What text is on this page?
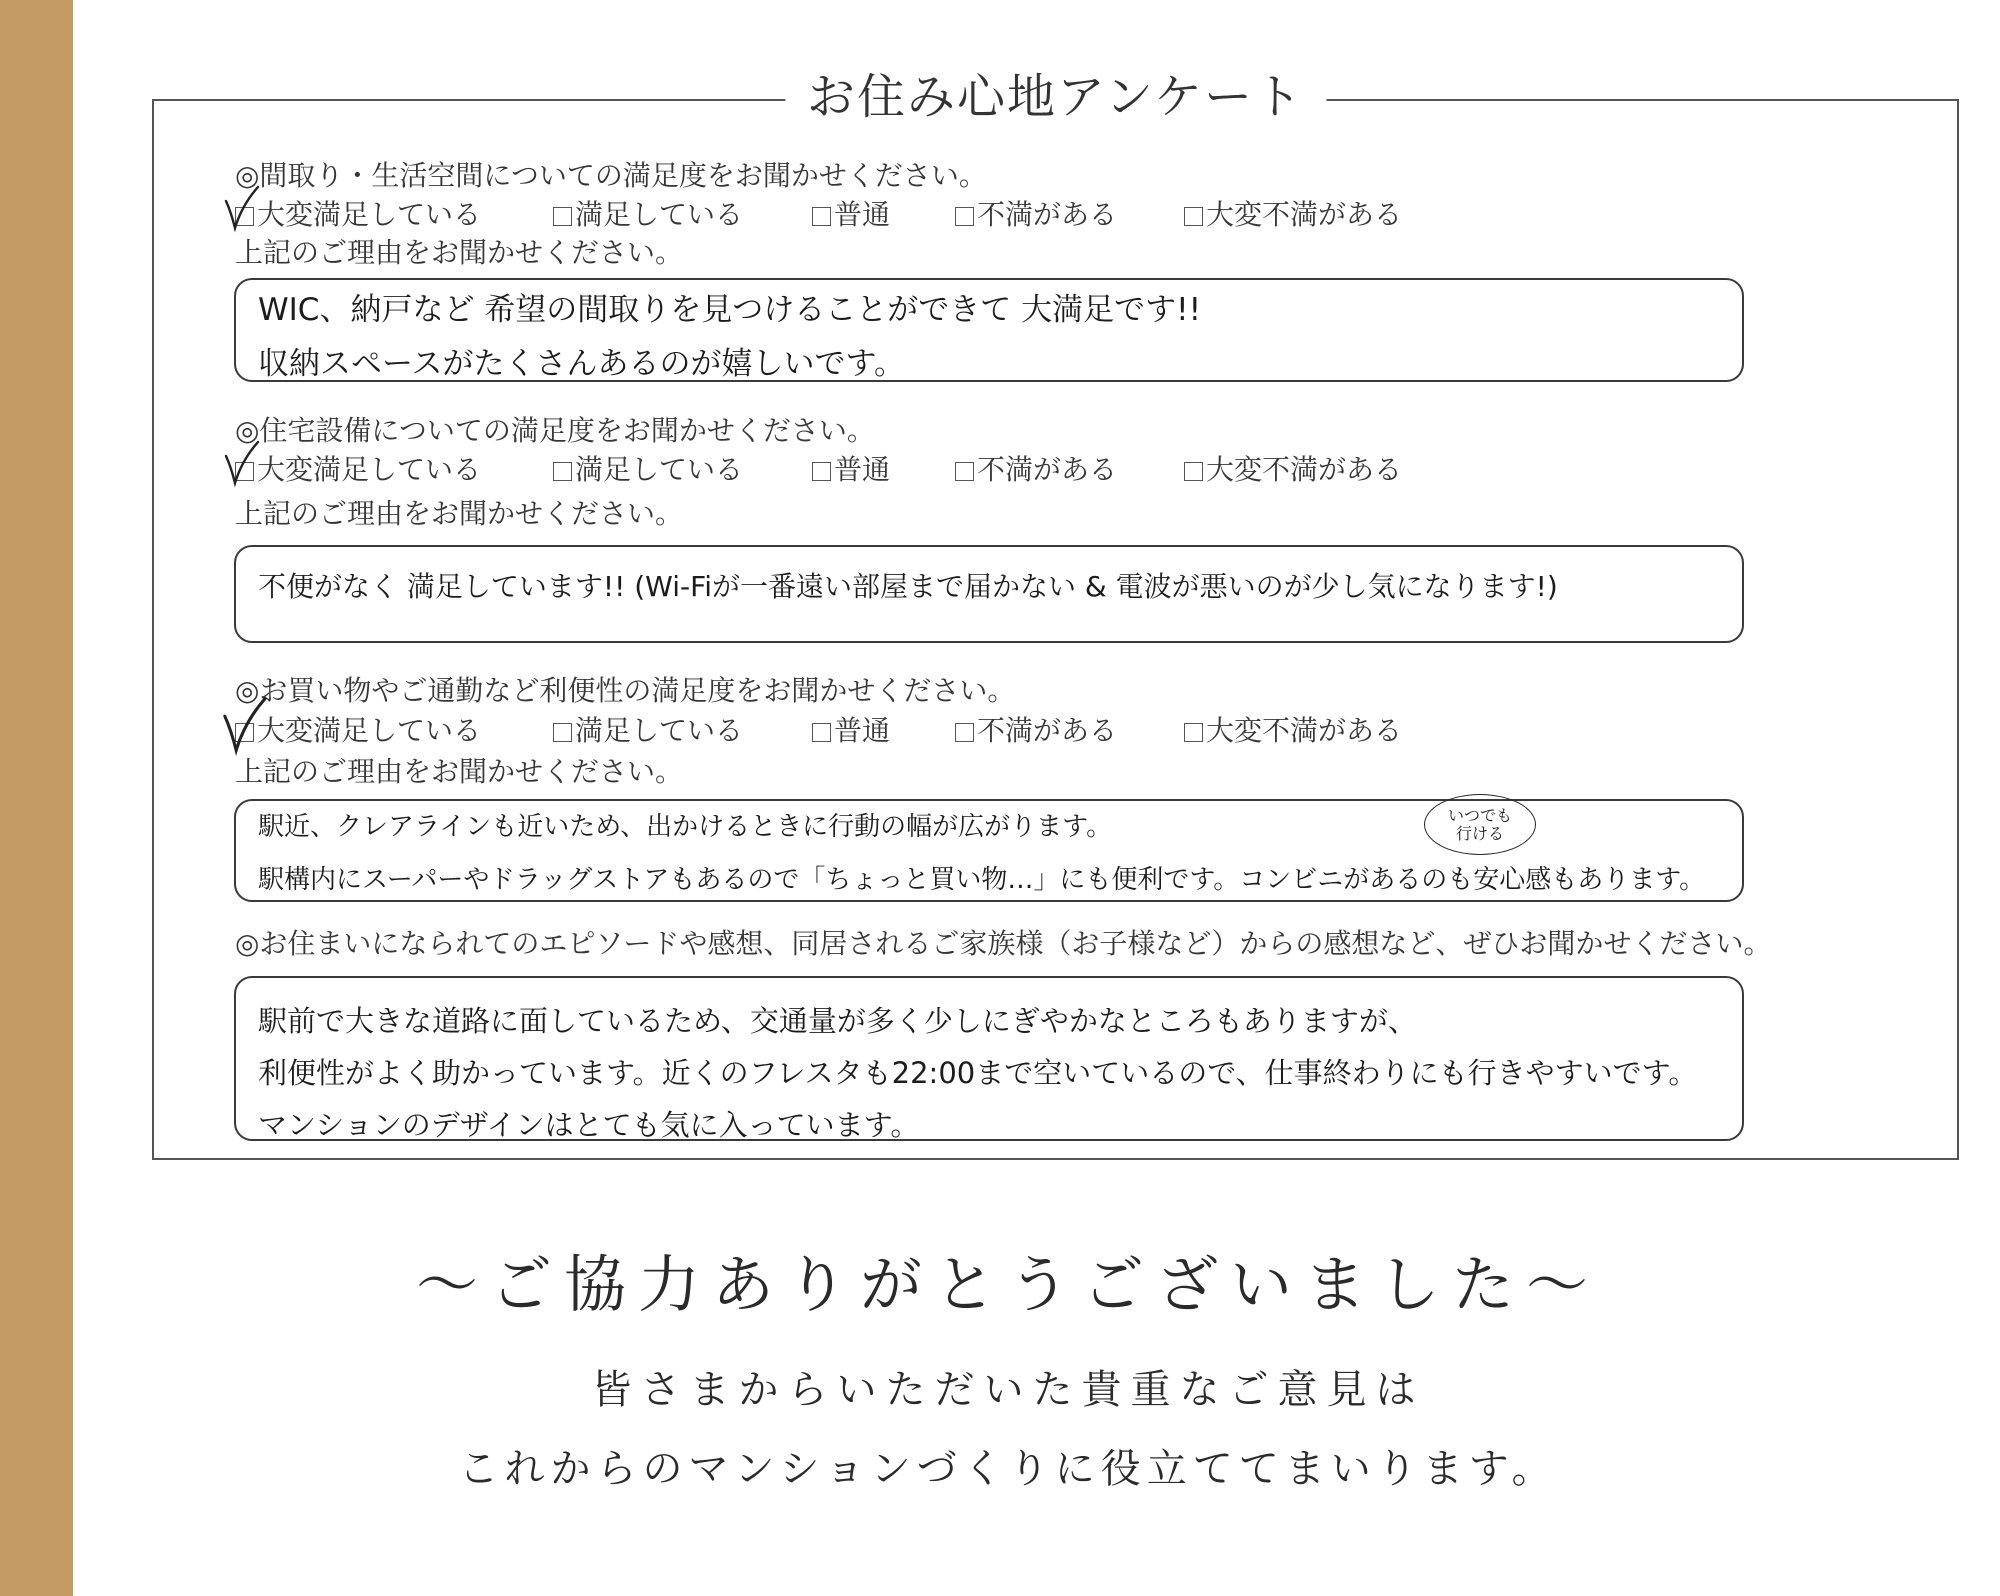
お住み心地アンケート
◎間取り・生活空間についての満足度をお聞かせください。
大変満足している	満足している	普通	不満がある	大変不満がある
上記のご理由をお聞かせください。
WIC、納戸など 希望の間取りを見つけることができて 大満足です!!
収納スペースがたくさんあるのが嬉しいです。
◎住宅設備についての満足度をお聞かせください。
大変満足している	満足している	普通	不満がある	大変不満がある
上記のご理由をお聞かせください。
不便がなく 満足しています!! (Wi-Fiが一番遠い部屋まで届かない & 電波が悪いのが少し気になります!)
◎お買い物やご通勤など利便性の満足度をお聞かせください。
大変満足している	満足している	普通	不満がある	大変不満がある
上記のご理由をお聞かせください。
駅近、クレアラインも近いため、出かけるときに行動の幅が広がります。
駅構内にスーパーやドラッグストアもあるので「ちょっと買い物…」にも便利です。コンビニがあるのも安心感もあります。
いつでも行ける
◎お住まいになられてのエピソードや感想、同居されるご家族様（お子様など）からの感想など、ぜひお聞かせください。
駅前で大きな道路に面しているため、交通量が多く少しにぎやかなところもありますが、
利便性がよく助かっています。近くのフレスタも22:00まで空いているので、仕事終わりにも行きやすいです。
マンションのデザインはとても気に入っています。
〜ご協力ありがとうございました〜
皆さまからいただいた貴重なご意見は
これからのマンションづくりに役立ててまいります。
